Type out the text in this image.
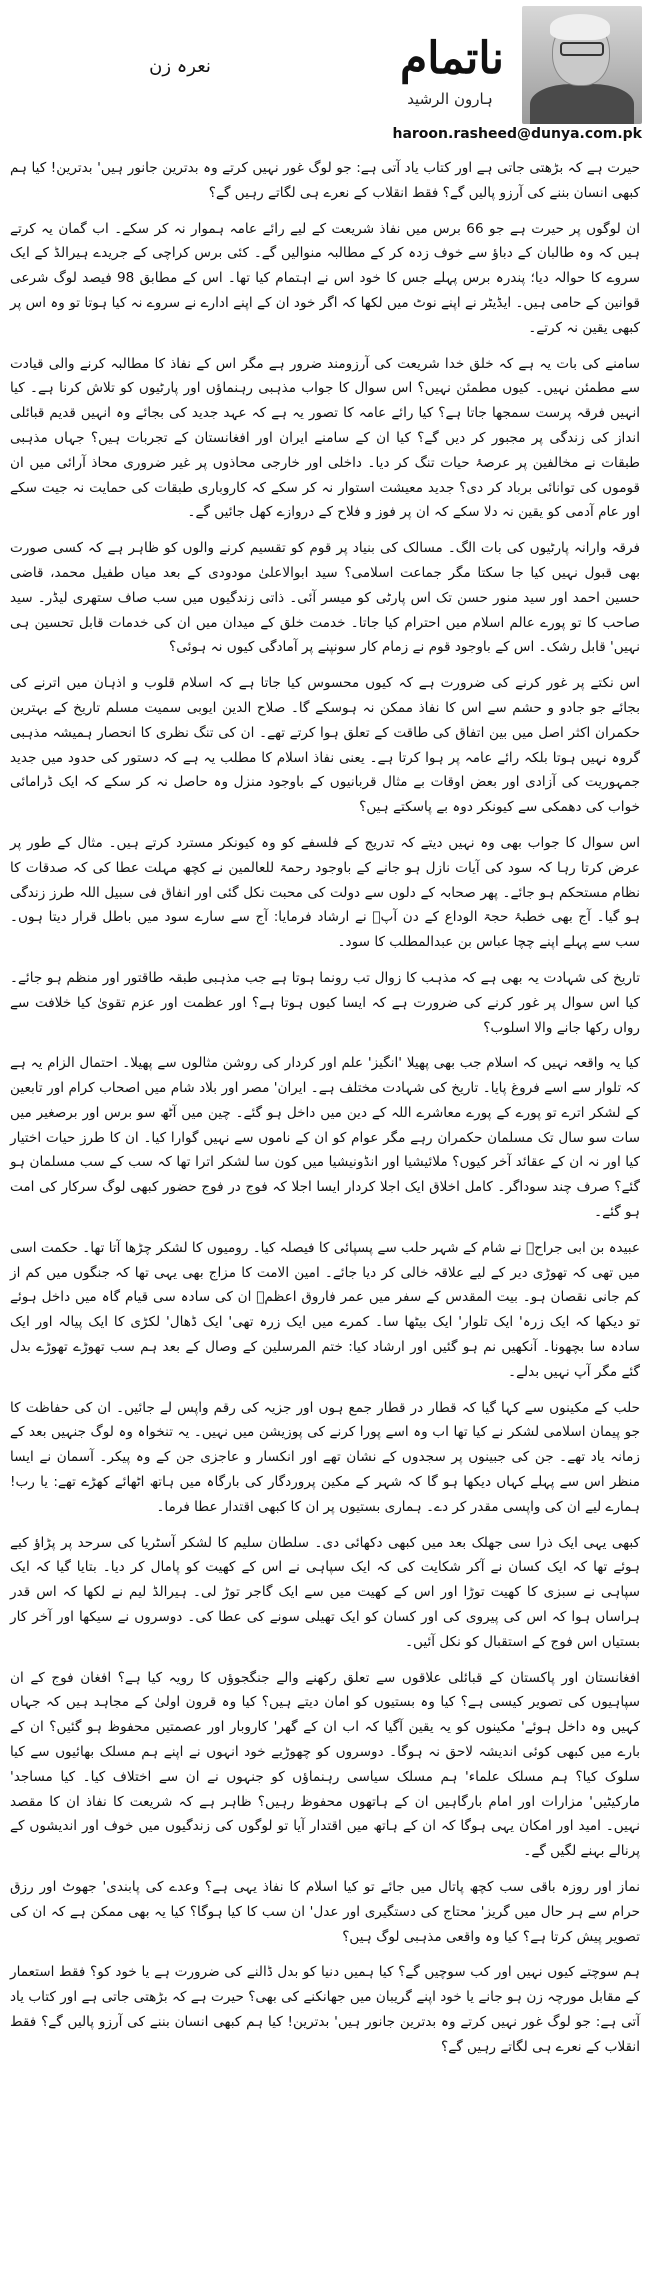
ناتمام
ہارون الرشید
haroon.rasheed@dunya.com.pk
نعرہ زن

حیرت ہے کہ بڑھتی جاتی ہے اور کتاب یاد آتی ہے: جو لوگ غور نہیں کرتے وہ بدترین جانور ہیں' بدترین! کیا ہم کبھی انسان بننے کی آرزو پالیں گے؟ فقط انقلاب کے نعرے ہی لگاتے رہیں گے؟

ان لوگوں پر حیرت ہے جو 66 برس میں نفاذ شریعت کے لیے رائے عامہ ہموار نہ کر سکے۔ اب گمان یہ کرتے ہیں کہ وہ طالبان کے دباؤ سے خوف زدہ کر کے مطالبہ منوالیں گے۔ کئی برس کراچی کے جریدے ہیرالڈ کے ایک سروے کا حوالہ دیا؛ پندرہ برس پہلے جس کا خود اس نے اہتمام کیا تھا۔ اس کے مطابق 98 فیصد لوگ شرعی قوانین کے حامی ہیں۔ ایڈیٹر نے اپنے نوٹ میں لکھا کہ اگر خود ان کے اپنے ادارے نے سروے نہ کیا ہوتا تو وہ اس پر کبھی یقین نہ کرتے۔

سامنے کی بات یہ ہے کہ خلق خدا شریعت کی آرزومند ضرور ہے مگر اس کے نفاذ کا مطالبہ کرنے والی قیادت سے مطمئن نہیں۔ کیوں مطمئن نہیں؟ اس سوال کا جواب مذہبی رہنماؤں اور پارٹیوں کو تلاش کرنا ہے۔ کیا انہیں فرقہ پرست سمجھا جاتا ہے؟ کیا رائے عامہ کا تصور یہ ہے کہ عہد جدید کی بجائے وہ انہیں قدیم قبائلی انداز کی زندگی پر مجبور کر دیں گے؟ کیا ان کے سامنے ایران اور افغانستان کے تجربات ہیں؟ جہاں مذہبی طبقات نے مخالفین پر عرصۂ حیات تنگ کر دیا۔ داخلی اور خارجی محاذوں پر غیر ضروری محاذ آرائی میں ان قوموں کی توانائی برباد کر دی؟ جدید معیشت استوار نہ کر سکے کہ کاروباری طبقات کی حمایت نہ جیت سکے اور عام آدمی کو یقین نہ دلا سکے کہ ان پر فوز و فلاح کے دروازے کھل جائیں گے۔

فرقہ وارانہ پارٹیوں کی بات الگ۔ مسالک کی بنیاد پر قوم کو تقسیم کرنے والوں کو ظاہر ہے کہ کسی صورت بھی قبول نہیں کیا جا سکتا مگر جماعت اسلامی؟ سید ابوالاعلیٰ مودودی کے بعد میاں طفیل محمد، قاضی حسین احمد اور سید منور حسن تک اس پارٹی کو میسر آئی۔ ذاتی زندگیوں میں سب صاف ستھری لیڈر۔ سید صاحب کا تو پورے عالم اسلام میں احترام کیا جاتا۔ خدمت خلق کے میدان میں ان کی خدمات قابل تحسین ہی نہیں' قابل رشک۔ اس کے باوجود قوم نے زمام کار سونپنے پر آمادگی کیوں نہ ہوئی؟

اس نکتے پر غور کرنے کی ضرورت ہے کہ کیوں محسوس کیا جاتا ہے کہ اسلام قلوب و اذہان میں اترنے کی بجائے جو جادو و حشم سے اس کا نفاذ ممکن نہ ہوسکے گا۔ صلاح الدین ایوبی سمیت مسلم تاریخ کے بہترین حکمران اکثر اصل میں بین اتفاق کی طاقت کے تعلق ہوا کرتے تھے۔ ان کی تنگ نظری کا انحصار ہمیشہ مذہبی گروہ نہیں ہوتا بلکہ رائے عامہ پر ہوا کرتا ہے۔ یعنی نفاذ اسلام کا مطلب یہ ہے کہ دستور کی حدود میں جدید جمہوریت کی آزادی اور بعض اوقات بے مثال قربانیوں کے باوجود منزل وہ حاصل نہ کر سکے کہ ایک ڈرامائی خواب کی دھمکی سے کیونکر دوہ بے پاسکتے ہیں؟

اس سوال کا جواب بھی وہ نہیں دیتے کہ تدریج کے فلسفے کو وہ کیونکر مسترد کرتے ہیں۔ مثال کے طور پر عرض کرتا رہا کہ سود کی آیات نازل ہو جانے کے باوجود رحمۃ للعالمین نے کچھ مہلت عطا کی کہ صدقات کا نظام مستحکم ہو جائے۔ پھر صحابہ کے دلوں سے دولت کی محبت نکل گئی اور انفاق فی سبیل اللہ طرز زندگی ہو گیا۔ آج بھی خطبۂ حجۃ الوداع کے دن آپؐ نے ارشاد فرمایا: آج سے سارے سود میں باطل قرار دیتا ہوں۔ سب سے پہلے اپنے چچا عباس بن عبدالمطلب کا سود۔

تاریخ کی شہادت یہ بھی ہے کہ مذہب کا زوال تب رونما ہوتا ہے جب مذہبی طبقہ طاقتور اور منظم ہو جائے۔ کیا اس سوال پر غور کرنے کی ضرورت ہے کہ ایسا کیوں ہوتا ہے؟ اور عظمت اور عزم تقویٰ کیا خلافت سے رواں رکھا جانے والا اسلوب؟

کیا یہ واقعہ نہیں کہ اسلام جب بھی پھیلا 'انگیز' علم اور کردار کی روشن مثالوں سے پھیلا۔ احتمال الزام یہ ہے کہ تلوار سے اسے فروغ پایا۔ تاریخ کی شہادت مختلف ہے۔ ایران' مصر اور بلاد شام میں اصحاب کرام اور تابعین کے لشکر اترے تو پورے کے پورے معاشرے اللہ کے دین میں داخل ہو گئے۔ چین میں آٹھ سو برس اور برصغیر میں سات سو سال تک مسلمان حکمران رہے مگر عوام کو ان کے ناموں سے نہیں گوارا کیا۔ ان کا طرز حیات اختیار کیا اور نہ ان کے عقائد آخر کیوں؟ ملائیشیا اور انڈونیشیا میں کون سا لشکر اترا تھا کہ سب کے سب مسلمان ہو گئے؟ صرف چند سوداگر۔ کامل اخلاق ایک اجلا کردار ایسا اجلا کہ فوج در فوج حضور کبھی لوگ سرکار کی امت ہو گئے۔

عبیدہ بن ابی جراحؓ نے شام کے شہر حلب سے پسپائی کا فیصلہ کیا۔ رومیوں کا لشکر چڑھا آتا تھا۔ حکمت اسی میں تھی کہ تھوڑی دیر کے لیے علاقہ خالی کر دیا جائے۔ امین الامت کا مزاج بھی یہی تھا کہ جنگوں میں کم از کم جانی نقصان ہو۔ بیت المقدس کے سفر میں عمر فاروق اعظمؓ ان کی سادہ سی قیام گاہ میں داخل ہوئے تو دیکھا کہ ایک زرہ' ایک تلوار' ایک بیٹھا سا۔ کمرے میں ایک زرہ تھی' ایک ڈھال' لکڑی کا ایک پیالہ اور ایک سادہ سا بچھونا۔ آنکھیں نم ہو گئیں اور ارشاد کیا: ختم المرسلین کے وصال کے بعد ہم سب تھوڑے تھوڑے بدل گئے مگر آپ نہیں بدلے۔

حلب کے مکینوں سے کہا گیا کہ قطار در قطار جمع ہوں اور جزیہ کی رقم واپس لے جائیں۔ ان کی حفاظت کا جو پیمان اسلامی لشکر نے کیا تھا اب وہ اسے پورا کرنے کی پوزیشن میں نہیں۔ یہ تنخواہ وہ لوگ جنہیں بعد کے زمانہ یاد تھے۔ جن کی جبینوں پر سجدوں کے نشان تھے اور انکسار و عاجزی جن کے وہ پیکر۔ آسمان نے ایسا منظر اس سے پہلے کہاں دیکھا ہو گا کہ شہر کے مکین پروردگار کی بارگاہ میں ہاتھ اٹھائے کھڑے تھے: یا رب! ہمارے لیے ان کی واپسی مقدر کر دے۔ ہماری بستیوں پر ان کا کبھی اقتدار عطا فرما۔

کبھی یہی ایک ذرا سی جھلک بعد میں کبھی دکھائی دی۔ سلطان سلیم کا لشکر آسٹریا کی سرحد پر پڑاؤ کیے ہوئے تھا کہ ایک کسان نے آکر شکایت کی کہ ایک سپاہی نے اس کے کھیت کو پامال کر دیا۔ بتایا گیا کہ ایک سپاہی نے سبزی کا کھیت توڑا اور اس کے کھیت میں سے ایک گاجر توڑ لی۔ ہیرالڈ لیم نے لکھا کہ اس قدر ہراساں ہوا کہ اس کی پیروی کی اور کسان کو ایک تھیلی سونے کی عطا کی۔ دوسروں نے سیکھا اور آخر کار بستیاں اس فوج کے استقبال کو نکل آئیں۔

افغانستان اور پاکستان کے قبائلی علاقوں سے تعلق رکھنے والے جنگجوؤں کا رویہ کیا ہے؟ افغان فوج کے ان سپاہیوں کی تصویر کیسی ہے؟ کیا وہ بستیوں کو امان دیتے ہیں؟ کیا وہ قرون اولیٰ کے مجاہد ہیں کہ جہاں کہیں وہ داخل ہوئے' مکینوں کو یہ یقین آگیا کہ اب ان کے گھر' کاروبار اور عصمتیں محفوظ ہو گئیں؟ ان کے بارے میں کبھی کوئی اندیشہ لاحق نہ ہوگا۔ دوسروں کو چھوڑیے خود انہوں نے اپنے ہم مسلک بھائیوں سے کیا سلوک کیا؟ ہم مسلک علماء' ہم مسلک سیاسی رہنماؤں کو جنہوں نے ان سے اختلاف کیا۔ کیا مساجد' مارکیٹیں' مزارات اور امام بارگاہیں ان کے ہاتھوں محفوظ رہیں؟ ظاہر ہے کہ شریعت کا نفاذ ان کا مقصد نہیں۔ امید اور امکان یہی ہوگا کہ ان کے ہاتھ میں اقتدار آیا تو لوگوں کی زندگیوں میں خوف اور اندیشوں کے پرنالے بہنے لگیں گے۔

نماز اور روزہ باقی سب کچھ پاتال میں جائے تو کیا اسلام کا نفاذ یہی ہے؟ وعدے کی پابندی' جھوٹ اور رزق حرام سے ہر حال میں گریز' محتاج کی دستگیری اور عدل' ان سب کا کیا ہوگا؟ کیا یہ بھی ممکن ہے کہ ان کی تصویر پیش کرتا ہے؟ کیا وہ واقعی مذہبی لوگ ہیں؟

ہم سوچتے کیوں نہیں اور کب سوچیں گے؟ کیا ہمیں دنیا کو بدل ڈالنے کی ضرورت ہے یا خود کو؟ فقط استعمار کے مقابل مورچہ زن ہو جانے یا خود اپنے گریبان میں جھانکنے کی بھی؟ حیرت ہے کہ بڑھتی جاتی ہے اور کتاب یاد آتی ہے: جو لوگ غور نہیں کرتے وہ بدترین جانور ہیں' بدترین! کیا ہم کبھی انسان بننے کی آرزو پالیں گے؟ فقط انقلاب کے نعرے ہی لگاتے رہیں گے؟
